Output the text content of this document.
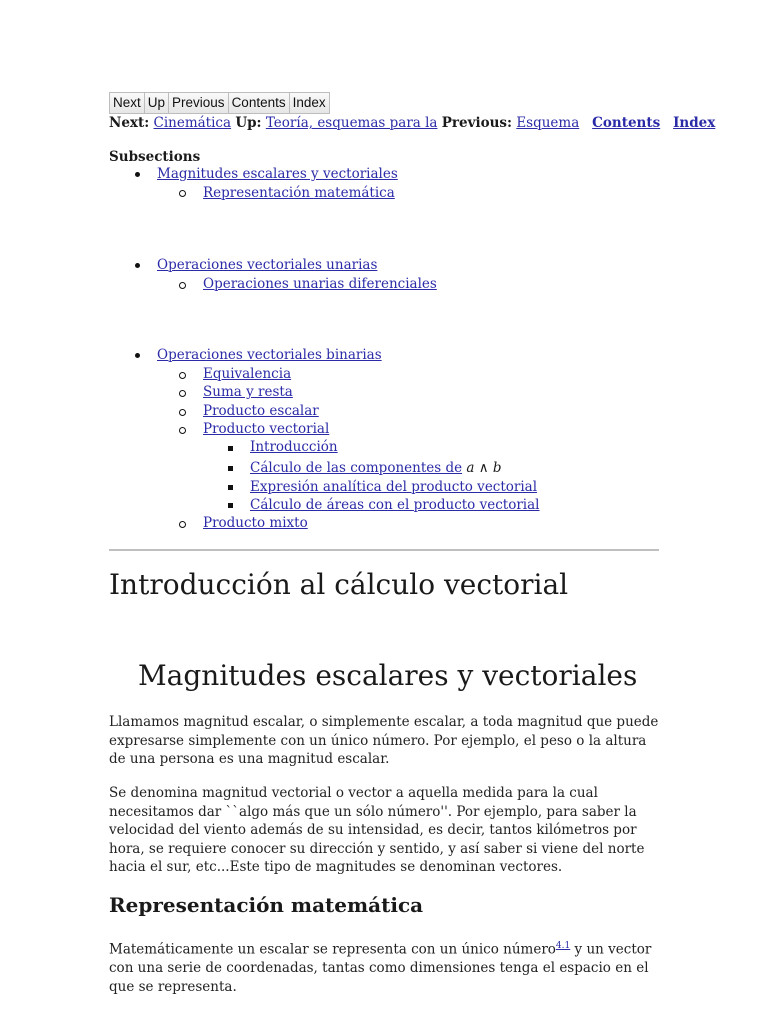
Next Up Previous Contents Index
Next: Cinemática Up: Teoría, esquemas para la Previous: Esquema Contents Index
Subsections
Magnitudes escalares y vectoriales
Representación matemática
Operaciones vectoriales unarias
Operaciones unarias diferenciales
Operaciones vectoriales binarias
Equivalencia
Suma y resta
Producto escalar
Producto vectorial
Introducción
Cálculo de las componentes de a ∧ b
Expresión analítica del producto vectorial
Cálculo de áreas con el producto vectorial
Producto mixto
Introducción al cálculo vectorial
Magnitudes escalares y vectoriales
Llamamos magnitud escalar, o simplemente escalar, a toda magnitud que puede expresarse simplemente con un único número. Por ejemplo, el peso o la altura de una persona es una magnitud escalar.
Se denomina magnitud vectorial o vector a aquella medida para la cual necesitamos dar ``algo más que un sólo número''. Por ejemplo, para saber la velocidad del viento además de su intensidad, es decir, tantos kilómetros por hora, se requiere conocer su dirección y sentido, y así saber si viene del norte hacia el sur, etc...Este tipo de magnitudes se denominan vectores.
Representación matemática
Matemáticamente un escalar se representa con un único número$^{4.1}$ y un vector con una serie de coordenadas, tantas como dimensiones tenga el espacio en el que se representa.
